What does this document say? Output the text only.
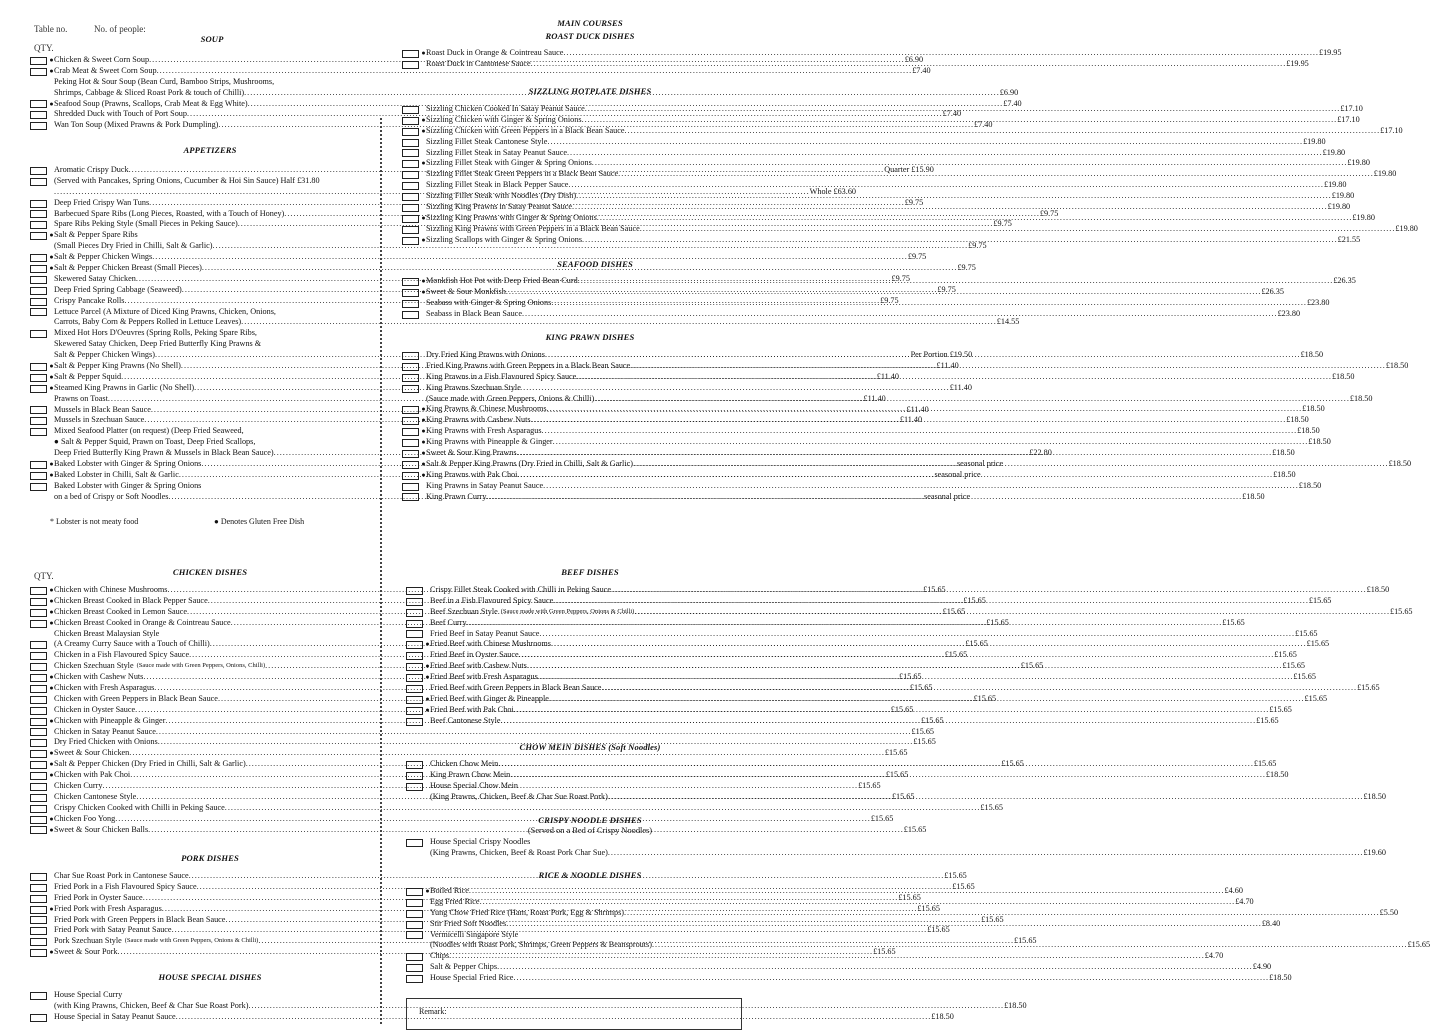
Table no.	No. of people:
QTY.
QTY.
SOUP
● Chicken & Sweet Corn Soup .....	£6.90
● Crab Meat & Sweet Corn Soup .....	£7.40
Peking Hot & Sour Soup (Bean Curd, Bamboo Strips, Mushrooms,
Shrimps, Cabbage & Sliced Roast Pork & touch of Chilli) .....	£6.90
● Seafood Soup (Prawns, Scallops, Crab Meat & Egg White) .....	£7.40
Shredded Duck with Touch of Port Soup .....	£7.40
Wan Ton Soup (Mixed Prawns & Pork Dumpling) .....	£7.40
APPETIZERS
Aromatic Crispy Duck .....	Quarter £15.90
(Served with Pancakes, Spring Onions, Cucumber & Hoi Sin Sauce) Half £31.80
.....
Whole £63.60
Deep Fried Crispy Wan Tuns .....	£9.75
Barbecued Spare Ribs (Long Pieces, Roasted, with a Touch of Honey) .....	£9.75
Spare Ribs Peking Style (Small Pieces in Peking Sauce) .....	£9.75
● Salt & Pepper Spare Ribs
(Small Pieces Dry Fried in Chilli, Salt & Garlic) .....	£9.75
● Salt & Pepper Chicken Wings .....	£9.75
● Salt & Pepper Chicken Breast (Small Pieces) .....	£9.75
Skewered Satay Chicken .....	£9.75
Deep Fried Spring Cabbage (Seaweed) .....	£9.75
Crispy Pancake Rolls .....	£9.75
Lettuce Parcel (A Mixture of Diced King Prawns, Chicken, Onions,
Carrots, Baby Corn & Peppers Rolled in Lettuce Leaves) .....	£14.55
Mixed Hot Hors D'Oeuvres (Spring Rolls, Peking Spare Ribs,
Skewered Satay Chicken, Deep Fried Butterfly King Prawns &
Salt & Pepper Chicken Wings) .....	Per Portion £19.50
● Salt & Pepper King Prawns (No Shell) .....	£11.40
● Salt & Pepper Squid .....	£11.40
● Steamed King Prawns in Garlic (No Shell) .....	£11.40
Prawns on Toast .....	£11.40
Mussels in Black Bean Sauce .....	£11.40
Mussels in Szechuan Sauce .....	£11.40
Mixed Seafood Platter (on request) (Deep Fried Seaweed,
● Salt & Pepper Squid, Prawn on Toast, Deep Fried Scallops,
Deep Fried Butterfly King Prawn & Mussels in Black Bean Sauce) .....	£22.80
● Baked Lobster with Ginger & Spring Onions .....	seasonal price
● Baked Lobster in Chilli, Salt & Garlic .....	seasonal price
Baked Lobster with Ginger & Spring Onions
on a bed of Crispy or Soft Noodles .....	seasonal price
* Lobster is not meaty food	● Denotes Gluten Free Dish
CHICKEN DISHES
● Chicken with Chinese Mushrooms .....	£15.65
● Chicken Breast Cooked in Black Pepper Sauce .....	£15.65
● Chicken Breast Cooked in Lemon Sauce .....	£15.65
● Chicken Breast Cooked in Orange & Cointreau Sauce .....	£15.65
Chicken Breast Malaysian Style
(A Creamy Curry Sauce with a Touch of Chilli) .....	£15.65
Chicken in a Fish Flavoured Spicy Sauce .....	£15.65
Chicken Szechuan Style (Sauce made with Green Peppers, Onions, Chilli) .....	£15.65
● Chicken with Cashew Nuts .....	£15.65
● Chicken with Fresh Asparagus .....	£15.65
Chicken with Green Peppers in Black Bean Sauce .....	£15.65
Chicken in Oyster Sauce .....	£15.65
● Chicken with Pineapple & Ginger .....	£15.65
Chicken in Satay Peanut Sauce .....	£15.65
Dry Fried Chicken with Onions .....	£15.65
● Sweet & Sour Chicken .....	£15.65
● Salt & Pepper Chicken (Dry Fried in Chilli, Salt & Garlic) .....	£15.65
● Chicken with Pak Choi .....	£15.65
Chicken Curry .....	£15.65
Chicken Cantonese Style .....	£15.65
Crispy Chicken Cooked with Chilli in Peking Sauce .....	£15.65
● Chicken Foo Yong .....	£15.65
● Sweet & Sour Chicken Balls .....	£15.65
PORK DISHES
Char Sue Roast Pork in Cantonese Sauce .....	£15.65
Fried Pork in a Fish Flavoured Spicy Sauce .....	£15.65
Fried Pork in Oyster Sauce .....	£15.65
● Fried Pork with Fresh Asparagus .....	£15.65
Fried Pork with Green Peppers in Black Bean Sauce .....	£15.65
Fried Pork with Satay Peanut Sauce .....	£15.65
Pork Szechuan Style (Sauce made with Green Peppers, Onions & Chilli) .....	£15.65
● Sweet & Sour Pork .....	£15.65
HOUSE SPECIAL DISHES
House Special Curry
(with King Prawns, Chicken, Beef & Char Sue Roast Pork) .....	£18.50
House Special in Satay Peanut Sauce .....	£18.50
MAIN COURSES
ROAST DUCK DISHES
● Roast Duck in Orange & Cointreau Sauce .....	£19.95
Roast Duck in Cantonese Sauce .....	£19.95
SIZZLING HOTPLATE DISHES
Sizzling Chicken Cooked In Satay Peanut Sauce .....	£17.10
● Sizzling Chicken with Ginger & Spring Onions .....	£17.10
● Sizzling Chicken with Green Peppers in a Black Bean Sauce .....	£17.10
Sizzling Fillet Steak Cantonese Style .....	£19.80
Sizzling Fillet Steak in Satay Peanut Sauce .....	£19.80
● Sizzling Fillet Steak with Ginger & Spring Onions .....	£19.80
Sizzling Fillet Steak Green Peppers in a Black Bean Sauce .....	£19.80
Sizzling Fillet Steak in Black Pepper Sauce .....	£19.80
Sizzling Fillet Steak with Noodles (Dry Dish) .....	£19.80
Sizzling King Prawns in Satay Peanut Sauce .....	£19.80
● Sizzling King Prawns with Ginger & Spring Onions .....	£19.80
Sizzling King Prawns with Green Peppers in a Black Bean Sauce .....	£19.80
● Sizzling Scallops with Ginger & Spring Onions .....	£21.55
SEAFOOD DISHES
● Monkfish Hot Pot with Deep Fried Bean Curd .....	£26.35
● Sweet & Sour Monkfish .....	£26.35
Seabass with Ginger & Spring Onions .....	£23.80
Seabass in Black Bean Sauce .....	£23.80
KING PRAWN DISHES
Dry Fried King Prawns with Onions .....	£18.50
Fried King Prawns with Green Peppers in a Black Bean Sauce .....	£18.50
King Prawns in a Fish Flavoured Spicy Sauce .....	£18.50
King Prawns Szechuan Style
(Sauce made with Green Peppers, Onions & Chilli) .....	£18.50
● King Prawns & Chinese Mushrooms .....	£18.50
● King Prawns with Cashew Nuts .....	£18.50
● King Prawns with Fresh Asparagus .....	£18.50
● King Prawns with Pineapple & Ginger .....	£18.50
● Sweet & Sour King Prawns .....	£18.50
● Salt & Pepper King Prawns (Dry Fried in Chilli, Salt & Garlic) .....	£18.50
● King Prawns with Pak Choi .....	£18.50
King Prawns in Satay Peanut Sauce .....	£18.50
King Prawn Curry .....	£18.50
BEEF DISHES
Crispy Fillet Steak Cooked with Chilli in Peking Sauce .....	£18.50
Beef in a Fish Flavoured Spicy Sauce .....	£15.65
Beef Szechuan Style (Sauce made with Green Peppers, Onions & Chilli) .....	£15.65
Beef Curry .....	£15.65
Fried Beef in Satay Peanut Sauce .....	£15.65
● Fried Beef with Chinese Mushrooms .....	£15.65
Fried Beef in Oyster Sauce .....	£15.65
● Fried Beef with Cashew Nuts .....	£15.65
● Fried Beef with Fresh Asparagus .....	£15.65
Fried Beef with Green Peppers in Black Bean Sauce .....	£15.65
● Fried Beef with Ginger & Pineapple .....	£15.65
● Fried Beef with Pak Choi .....	£15.65
Beef Cantonese Style .....	£15.65
CHOW MEIN DISHES (Soft Noodles)
Chicken Chow Mein .....	£15.65
King Prawn Chow Mein .....	£18.50
House Special Chow Mein
(King Prawns, Chicken, Beef & Char Sue Roast Pork) .....	£18.50
CRISPY NOODLE DISHES
(Served on a Bed of Crispy Noodles)
House Special Crispy Noodles
(King Prawns, Chicken, Beef & Roast Pork Char Sue) .....	£19.60
RICE & NOODLE DISHES
● Boiled Rice .....	£4.60
Egg Fried Rice .....	£4.70
Yung Chow Fried Rice (Ham, Roast Pork, Egg & Shrimps) .....	£5.50
Stir Fried Soft Noodles .....	£8.40
Vermicelli Singapore Style
(Noodles with Roast Pork, Shrimps, Green Peppers & Beansprouts) .....	£15.65
Chips .....	£4.70
Salt & Pepper Chips .....	£4.90
House Special Fried Rice .....	£18.50
Remark:
